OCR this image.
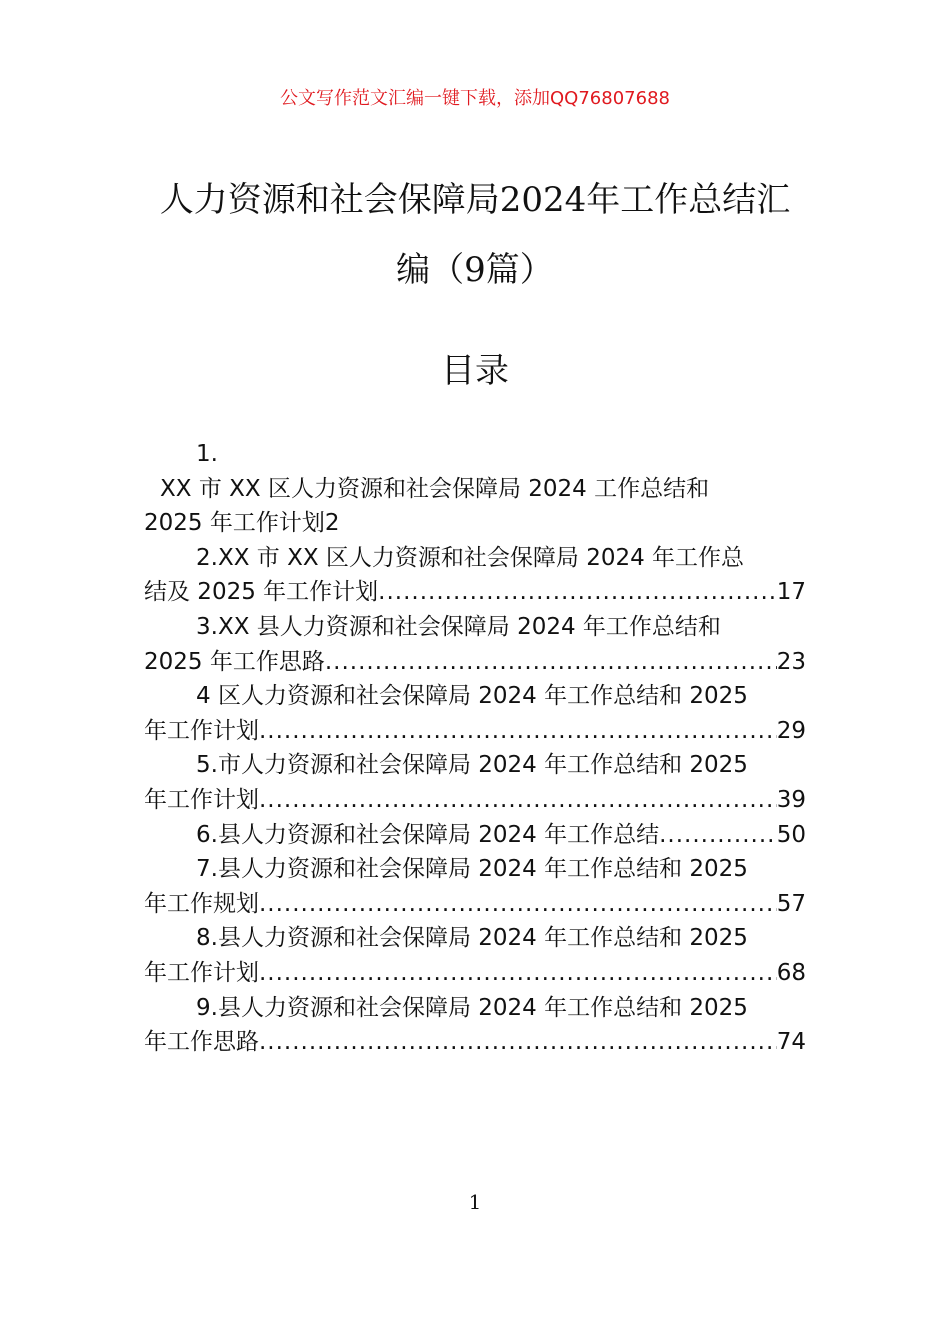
公文写作范文汇编一键下载，添加QQ76807688
人力资源和社会保障局2024年工作总结汇
编（9篇）
目录
1.
XX 市 XX 区人力资源和社会保障局 2024 工作总结和
2025 年工作计划 2
2.XX 市 XX 区人力资源和社会保障局 2024 年工作总
结及 2025 年工作计划 .....	17
3.XX 县人力资源和社会保障局 2024 年工作总结和
2025 年工作思路 .....	23
4 区人力资源和社会保障局 2024 年工作总结和 2025
年工作计划 .....	29
5.市人力资源和社会保障局 2024 年工作总结和 2025
年工作计划 .....	39
6.县人力资源和社会保障局 2024 年工作总结 .....	50
7.县人力资源和社会保障局 2024 年工作总结和 2025
年工作规划 .....	57
8.县人力资源和社会保障局 2024 年工作总结和 2025
年工作计划 .....	68
9.县人力资源和社会保障局 2024 年工作总结和 2025
年工作思路 .....	74
1
